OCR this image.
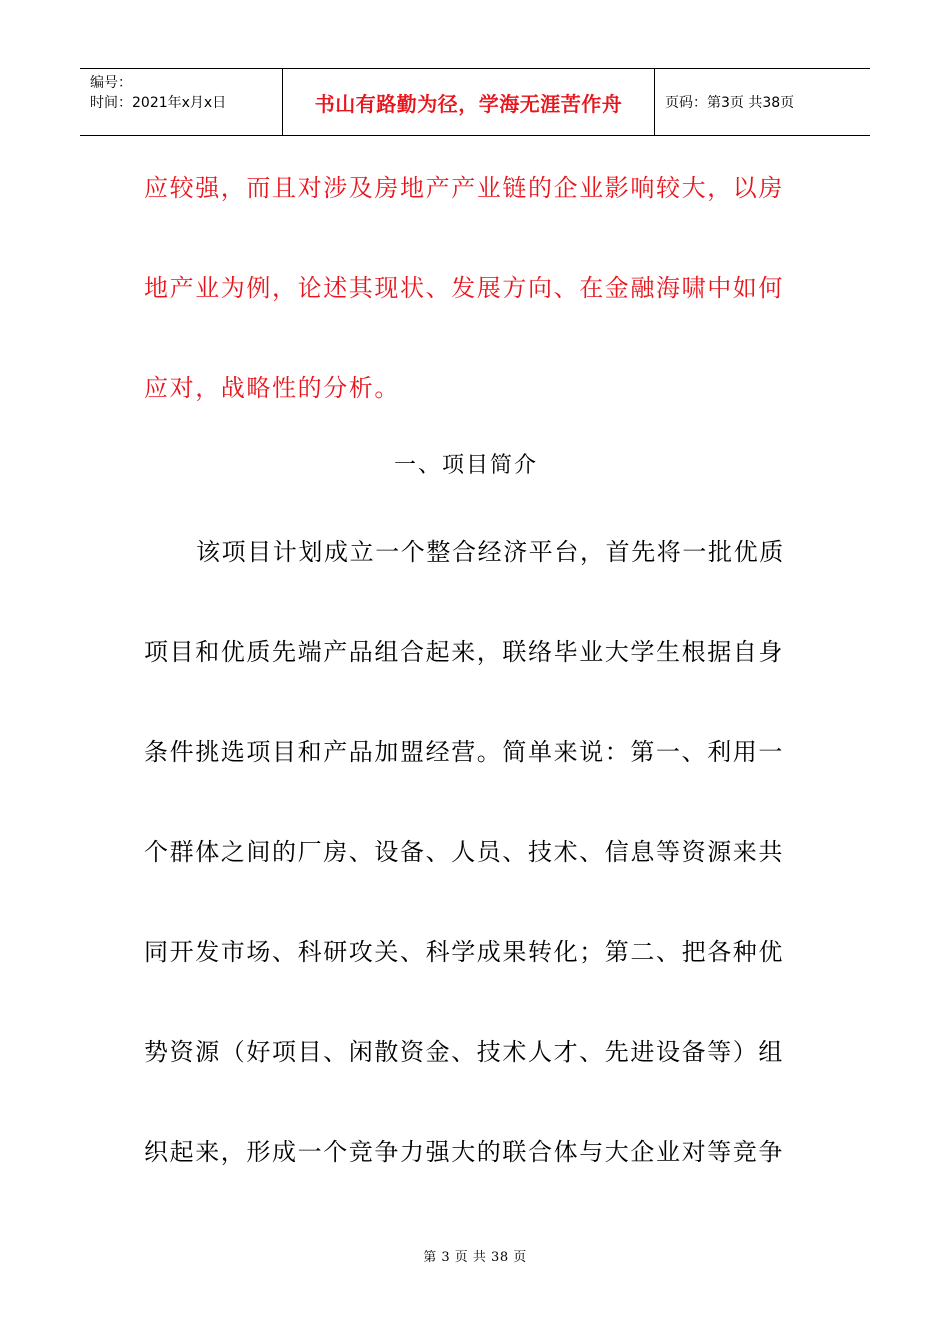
编号：
时间：2021年x月x日	书山有路勤为径，学海无涯苦作舟	页码：第3页 共38页
应较强，而且对涉及房地产产业链的企业影响较大，以房
地产业为例，论述其现状、发展方向、在金融海啸中如何
应对，战略性的分析。
一、项目简介
该项目计划成立一个整合经济平台，首先将一批优质
项目和优质先端产品组合起来，联络毕业大学生根据自身
条件挑选项目和产品加盟经营。简单来说：第一、利用一
个群体之间的厂房、设备、人员、技术、信息等资源来共
同开发市场、科研攻关、科学成果转化；第二、把各种优
势资源（好项目、闲散资金、技术人才、先进设备等）组
织起来，形成一个竞争力强大的联合体与大企业对等竞争
第 3 页 共 38 页
